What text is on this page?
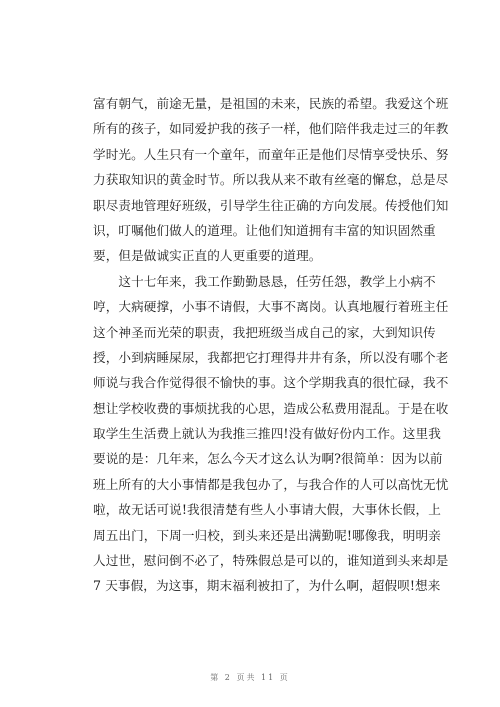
富有朝气，前途无量，是祖国的未来，民族的希望。我爱这个班
所有的孩子，如同爱护我的孩子一样，他们陪伴我走过三的年教
学时光。人生只有一个童年，而童年正是他们尽情享受快乐、努
力获取知识的黄金时节。所以我从来不敢有丝毫的懈怠，总是尽
职尽责地管理好班级，引导学生往正确的方向发展。传授他们知
识，叮嘱他们做人的道理。让他们知道拥有丰富的知识固然重
要，但是做诚实正直的人更重要的道理。
　　这十七年来，我工作勤勤恳恳，任劳任怨，教学上小病不
哼，大病硬撑，小事不请假，大事不离岗。认真地履行着班主任
这个神圣而光荣的职责，我把班级当成自己的家，大到知识传
授，小到病睡屎尿，我都把它打理得井井有条，所以没有哪个老
师说与我合作觉得很不愉快的事。这个学期我真的很忙碌，我不
想让学校收费的事烦扰我的心思，造成公私费用混乱。于是在收
取学生生活费上就认为我推三推四!没有做好份内工作。这里我
要说的是：几年来，怎么今天才这么认为啊?很简单：因为以前
班上所有的大小事情都是我包办了，与我合作的人可以高忱无忧
啦，故无话可说!我很清楚有些人小事请大假，大事休长假，上
周五出门，下周一归校，到头来还是出满勤呢!哪像我，明明亲
人过世，慰问倒不必了，特殊假总是可以的，谁知道到头来却是
7 天事假，为这事，期末福利被扣了，为什么啊，超假呗!想来
第 2 页共 11 页
